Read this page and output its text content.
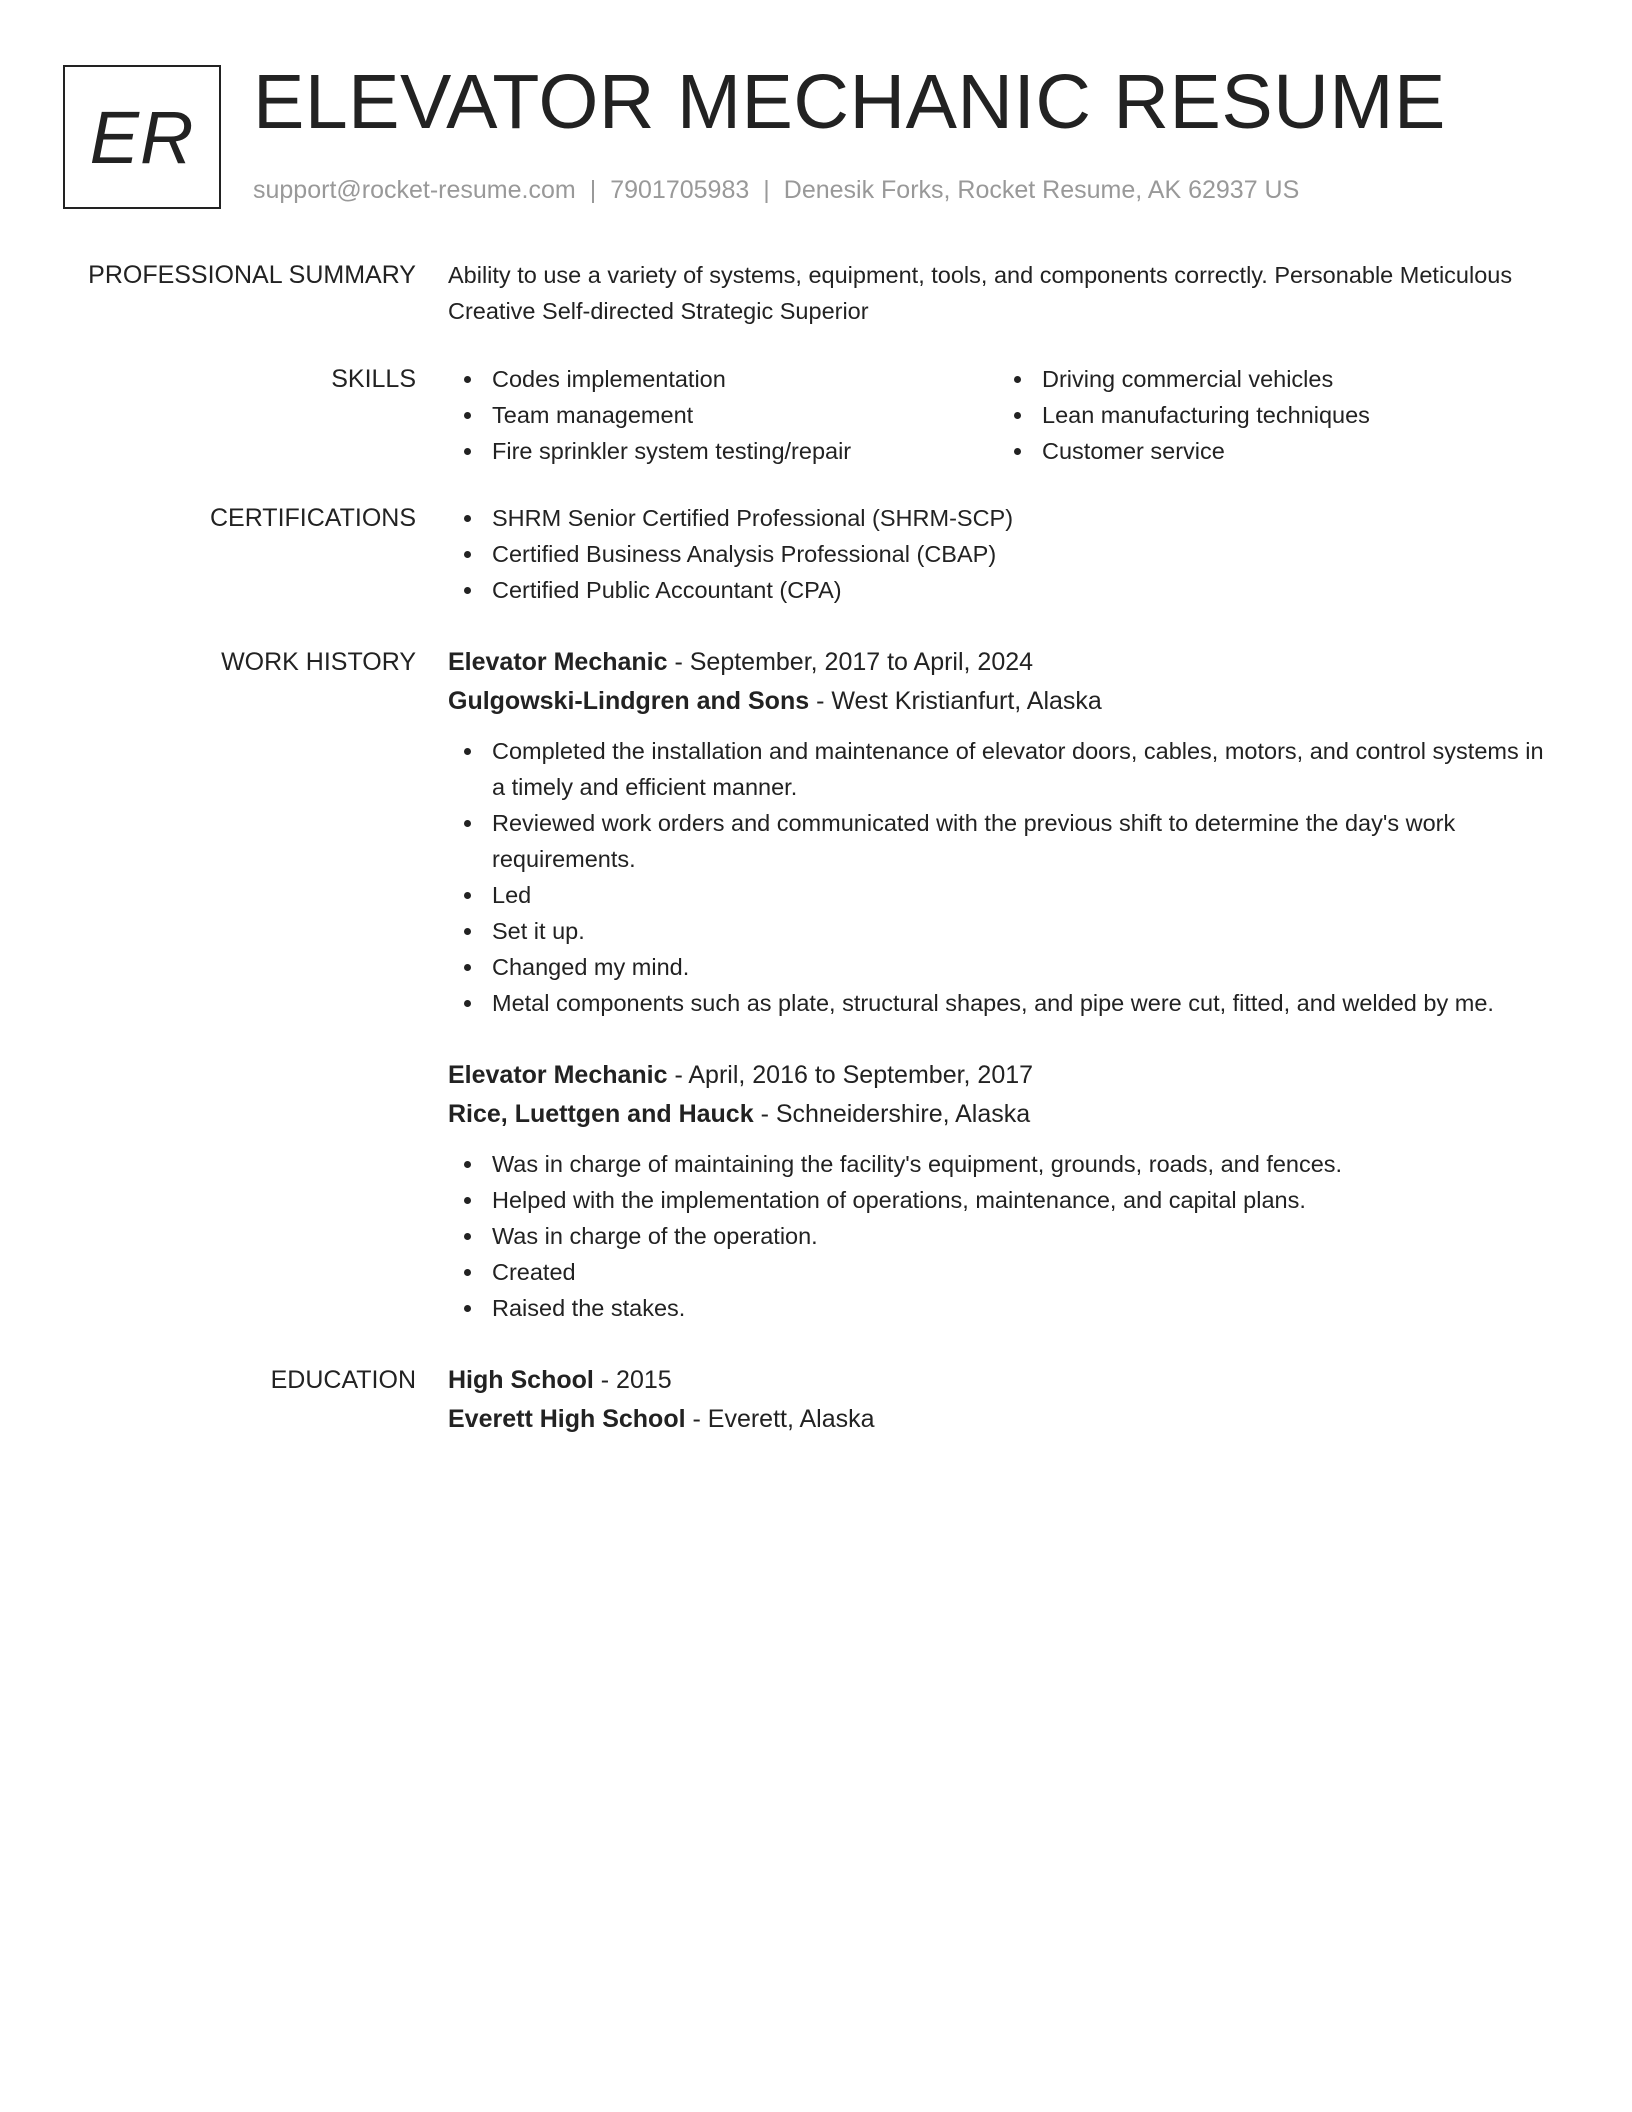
ER ELEVATOR MECHANIC RESUME
support@rocket-resume.com | 7901705983 | Denesik Forks, Rocket Resume, AK 62937 US
PROFESSIONAL SUMMARY Ability to use a variety of systems, equipment, tools, and components correctly. Personable Meticulous Creative Self-directed Strategic Superior
SKILLS	Codes implementation
Team management
Fire sprinkler system testing/repair
Driving commercial vehicles
Lean manufacturing techniques
Customer service
CERTIFICATIONS	SHRM Senior Certified Professional (SHRM-SCP)
Certified Business Analysis Professional (CBAP)
Certified Public Accountant (CPA)
WORK HISTORY Elevator Mechanic - September, 2017 to April, 2024
Gulgowski-Lindgren and Sons - West Kristianfurt, Alaska
Completed the installation and maintenance of elevator doors, cables, motors, and control systems in a timely and efficient manner.
Reviewed work orders and communicated with the previous shift to determine the day's work requirements.
Led
Set it up.
Changed my mind.
Metal components such as plate, structural shapes, and pipe were cut, fitted, and welded by me.
Elevator Mechanic - April, 2016 to September, 2017
Rice, Luettgen and Hauck - Schneidershire, Alaska
Was in charge of maintaining the facility's equipment, grounds, roads, and fences.
Helped with the implementation of operations, maintenance, and capital plans.
Was in charge of the operation.
Created
Raised the stakes.
EDUCATION High School - 2015
Everett High School - Everett, Alaska
